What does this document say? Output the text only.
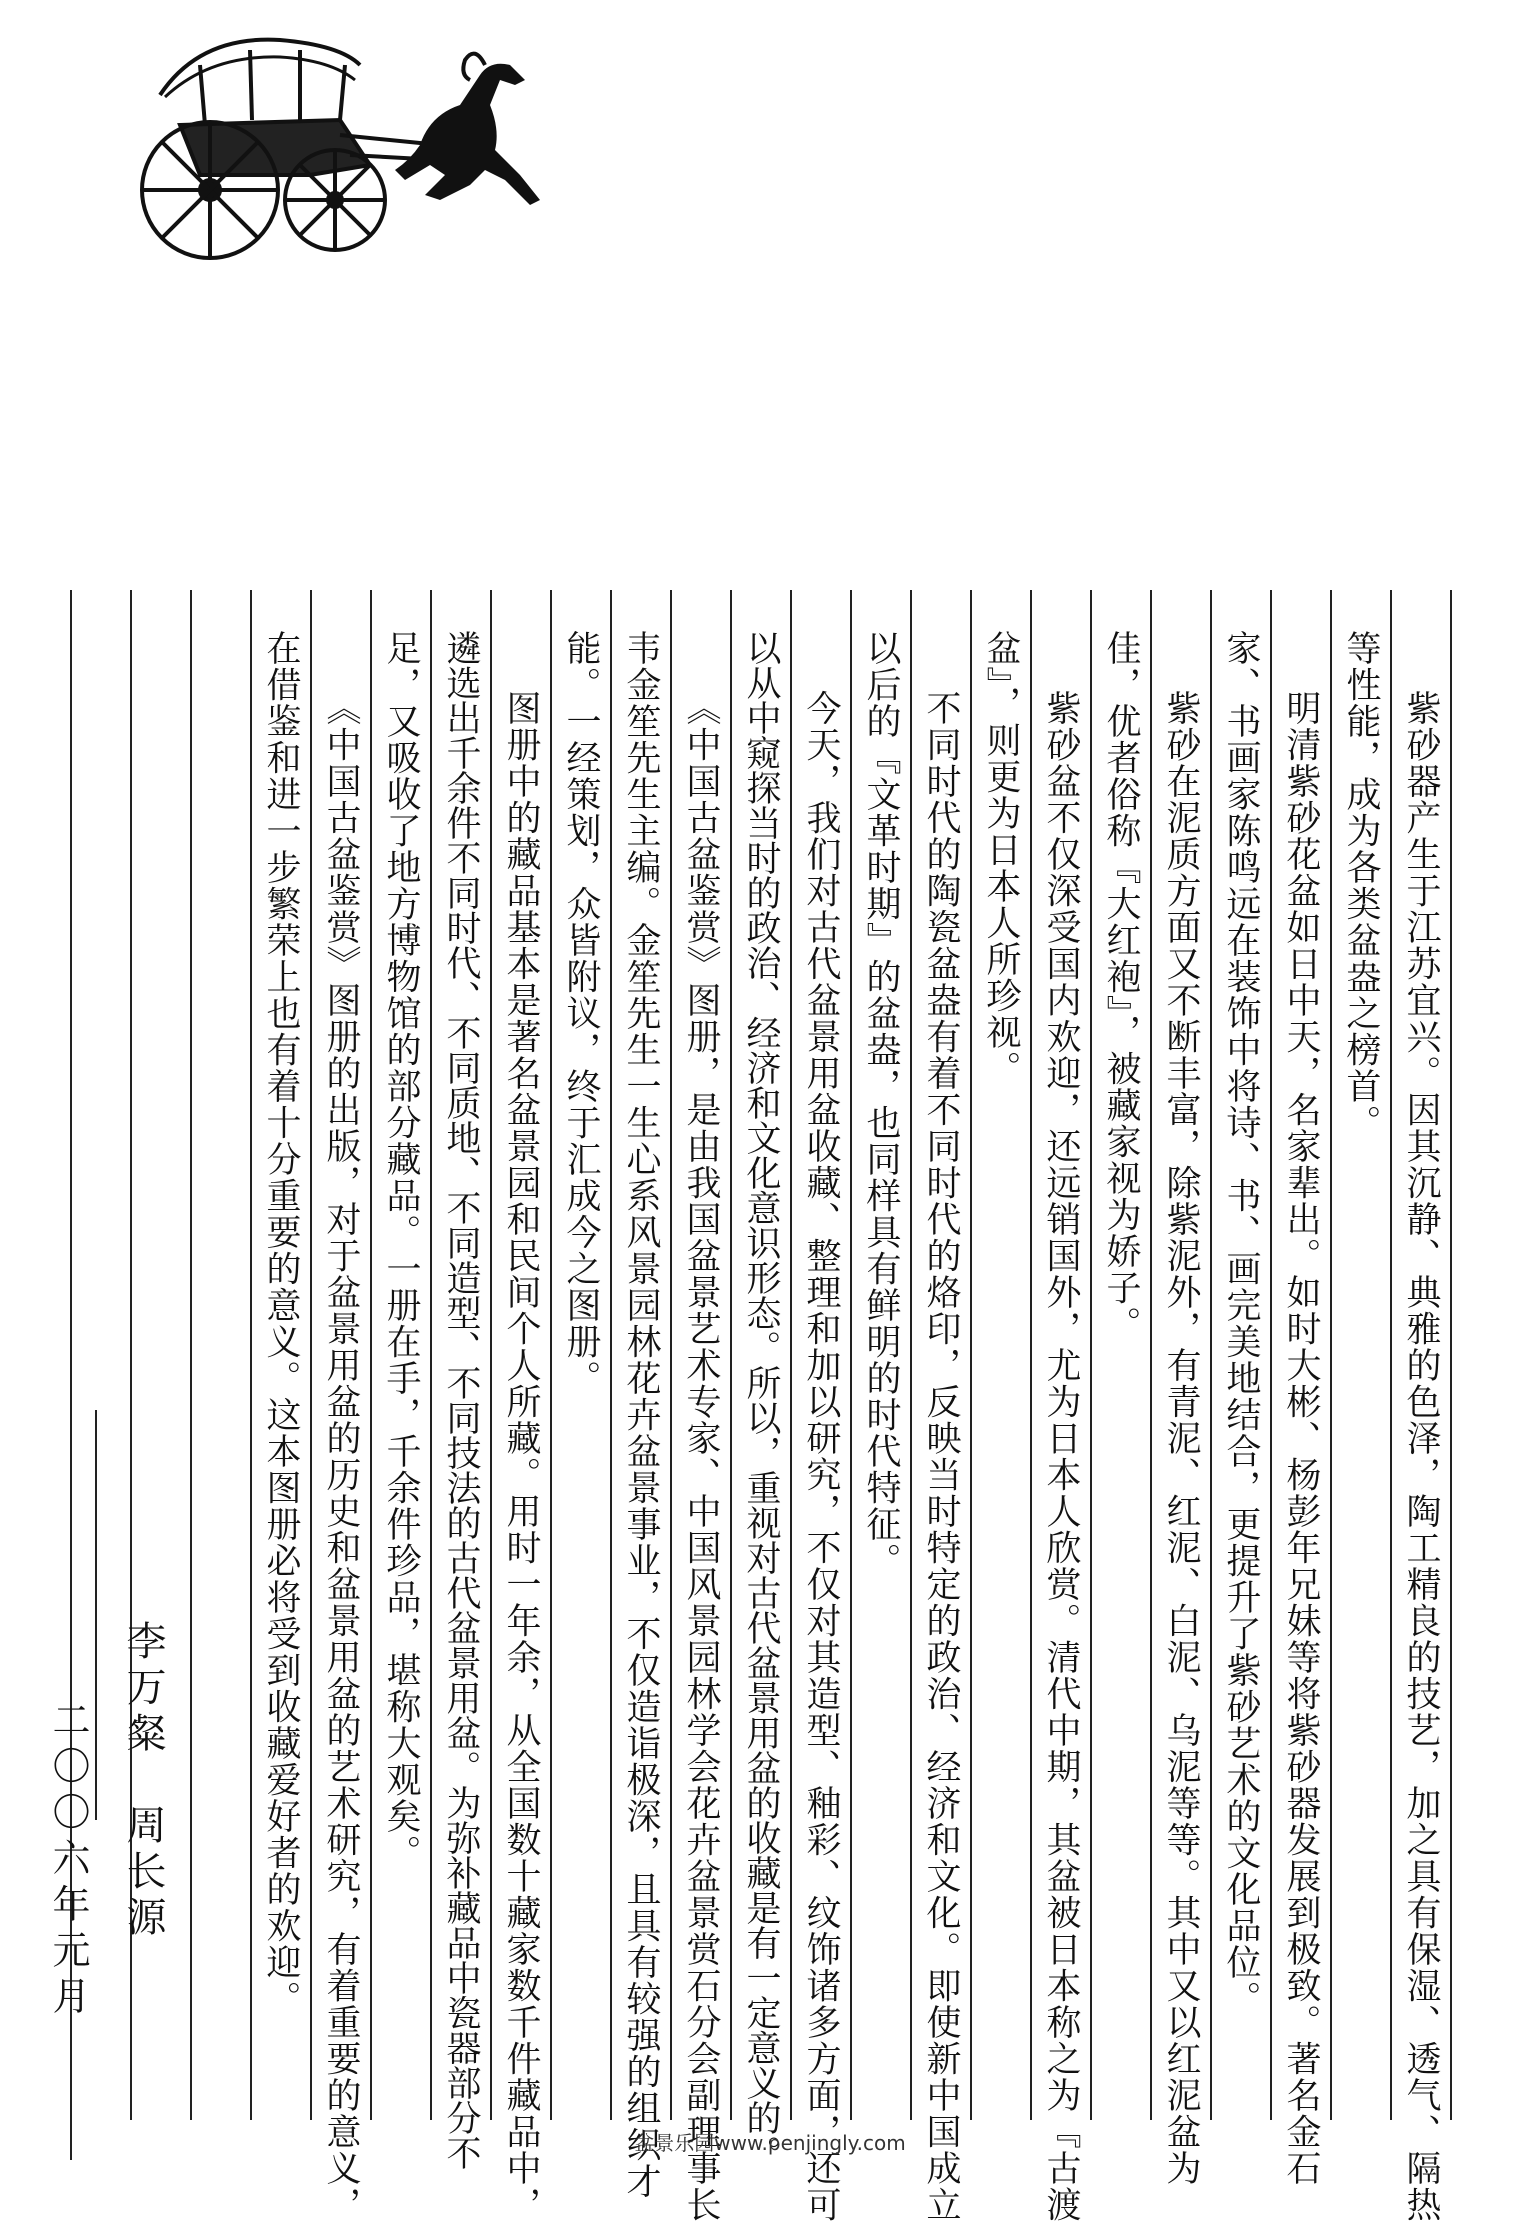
紫砂器产生于江苏宜兴。因其沉静、典雅的色泽，陶工精良的技艺，加之具有保湿、透气、隔热
等性能，成为各类盆盎之榜首。
明清紫砂花盆如日中天，名家辈出。如时大彬、杨彭年兄妹等将紫砂器发展到极致。著名金石
家、书画家陈鸣远在装饰中将诗、书、画完美地结合，更提升了紫砂艺术的文化品位。
紫砂在泥质方面又不断丰富，除紫泥外，有青泥、红泥、白泥、乌泥等等。其中又以红泥盆为
佳，优者俗称『大红袍』，被藏家视为娇子。
紫砂盆不仅深受国内欢迎，还远销国外，尤为日本人欣赏。清代中期，其盆被日本称之为『古渡
盆』，则更为日本人所珍视。
不同时代的陶瓷盆盎有着不同时代的烙印，反映当时特定的政治、经济和文化。即使新中国成立
以后的『文革时期』的盆盎，也同样具有鲜明的时代特征。
今天，我们对古代盆景用盆收藏、整理和加以研究，不仅对其造型、釉彩、纹饰诸多方面，还可
以从中窥探当时的政治、经济和文化意识形态。所以，重视对古代盆景用盆的收藏是有一定意义的。
《中国古盆鉴赏》图册，是由我国盆景艺术专家、中国风景园林学会花卉盆景赏石分会副理事长
韦金笙先生主编。金笙先生一生心系风景园林花卉盆景事业，不仅造诣极深，且具有较强的组织才
能。一经策划，众皆附议，终于汇成今之图册。
图册中的藏品基本是著名盆景园和民间个人所藏。用时一年余，从全国数十藏家数千件藏品中，
遴选出千余件不同时代、不同质地、不同造型、不同技法的古代盆景用盆。为弥补藏品中瓷器部分不
足，又吸收了地方博物馆的部分藏品。一册在手，千余件珍品，堪称大观矣。
《中国古盆鉴赏》图册的出版，对于盆景用盆的历史和盆景用盆的艺术研究，有着重要的意义，
在借鉴和进一步繁荣上也有着十分重要的意义。这本图册必将受到收藏爱好者的欢迎。
李万粲　周长源
二〇〇六年元月
盆景乐园www.penjingly.com
